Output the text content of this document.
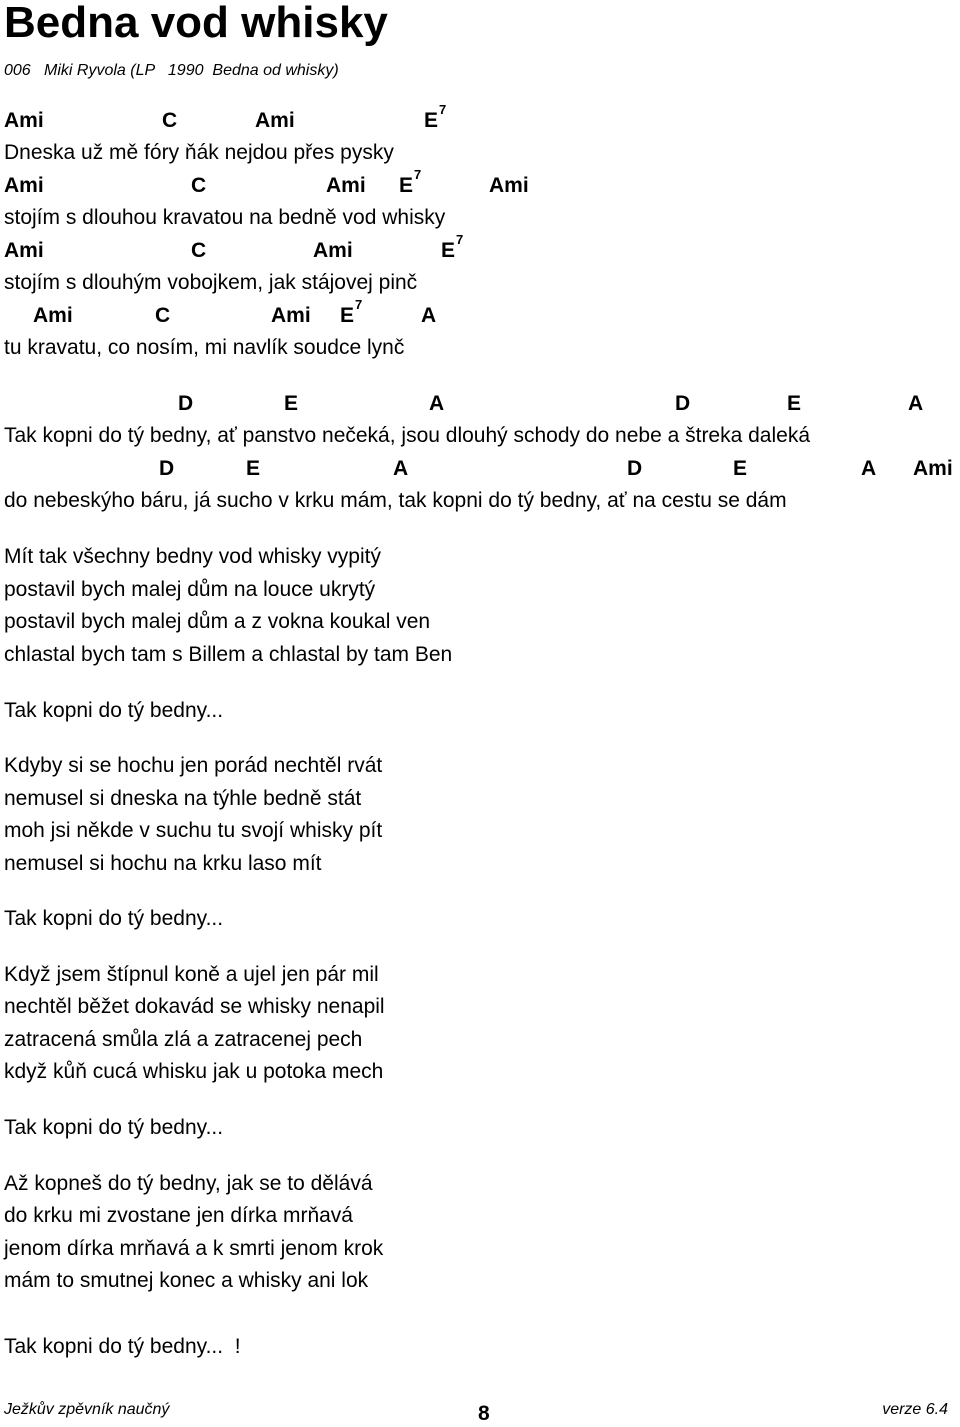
Bedna vod whisky
006   Miki Ryvola (LP   1990  Bedna od whisky)
Ami	C	Ami	$E^7$
Dneska už mě fóry ňák nejdou přes pysky
Ami	C	Ami $E^7$	Ami
stojím s dlouhou kravatou na bedně vod whisky
Ami	C	Ami	$E^7$
stojím s dlouhým vobojkem, jak stájovej pinč
Ami	C	Ami $E^7$	A
tu kravatu, co nosím, mi navlík soudce lynč
D	E	A	D	E	A
Tak kopni do tý bedny, ať panstvo nečeká, jsou dlouhý schody do nebe a štreka daleká
D	E	A	D	E	A Ami
do nebeskýho báru, já sucho v krku mám, tak kopni do tý bedny, ať na cestu se dám
Mít tak všechny bedny vod whisky vypitý
postavil bych malej dům na louce ukrytý
postavil bych malej dům a z vokna koukal ven
chlastal bych tam s Billem a chlastal by tam Ben
Tak kopni do tý bedny...
Kdyby si se hochu jen porád nechtěl rvát
nemusel si dneska na týhle bedně stát
moh jsi někde v suchu tu svojí whisky pít
nemusel si hochu na krku laso mít
Tak kopni do tý bedny...
Když jsem štípnul koně a ujel jen pár mil
nechtěl běžet dokavád se whisky nenapil
zatracená smůla zlá a zatracenej pech
když kůň cucá whisku jak u potoka mech
Tak kopni do tý bedny...
Až kopneš do tý bedny, jak se to dělává
do krku mi zvostane jen dírka mrňavá
jenom dírka mrňavá a k smrti jenom krok
mám to smutnej konec a whisky ani lok
Tak kopni do tý bedny...  !
Ježkův zpěvník naučný	8	verze 6.4
